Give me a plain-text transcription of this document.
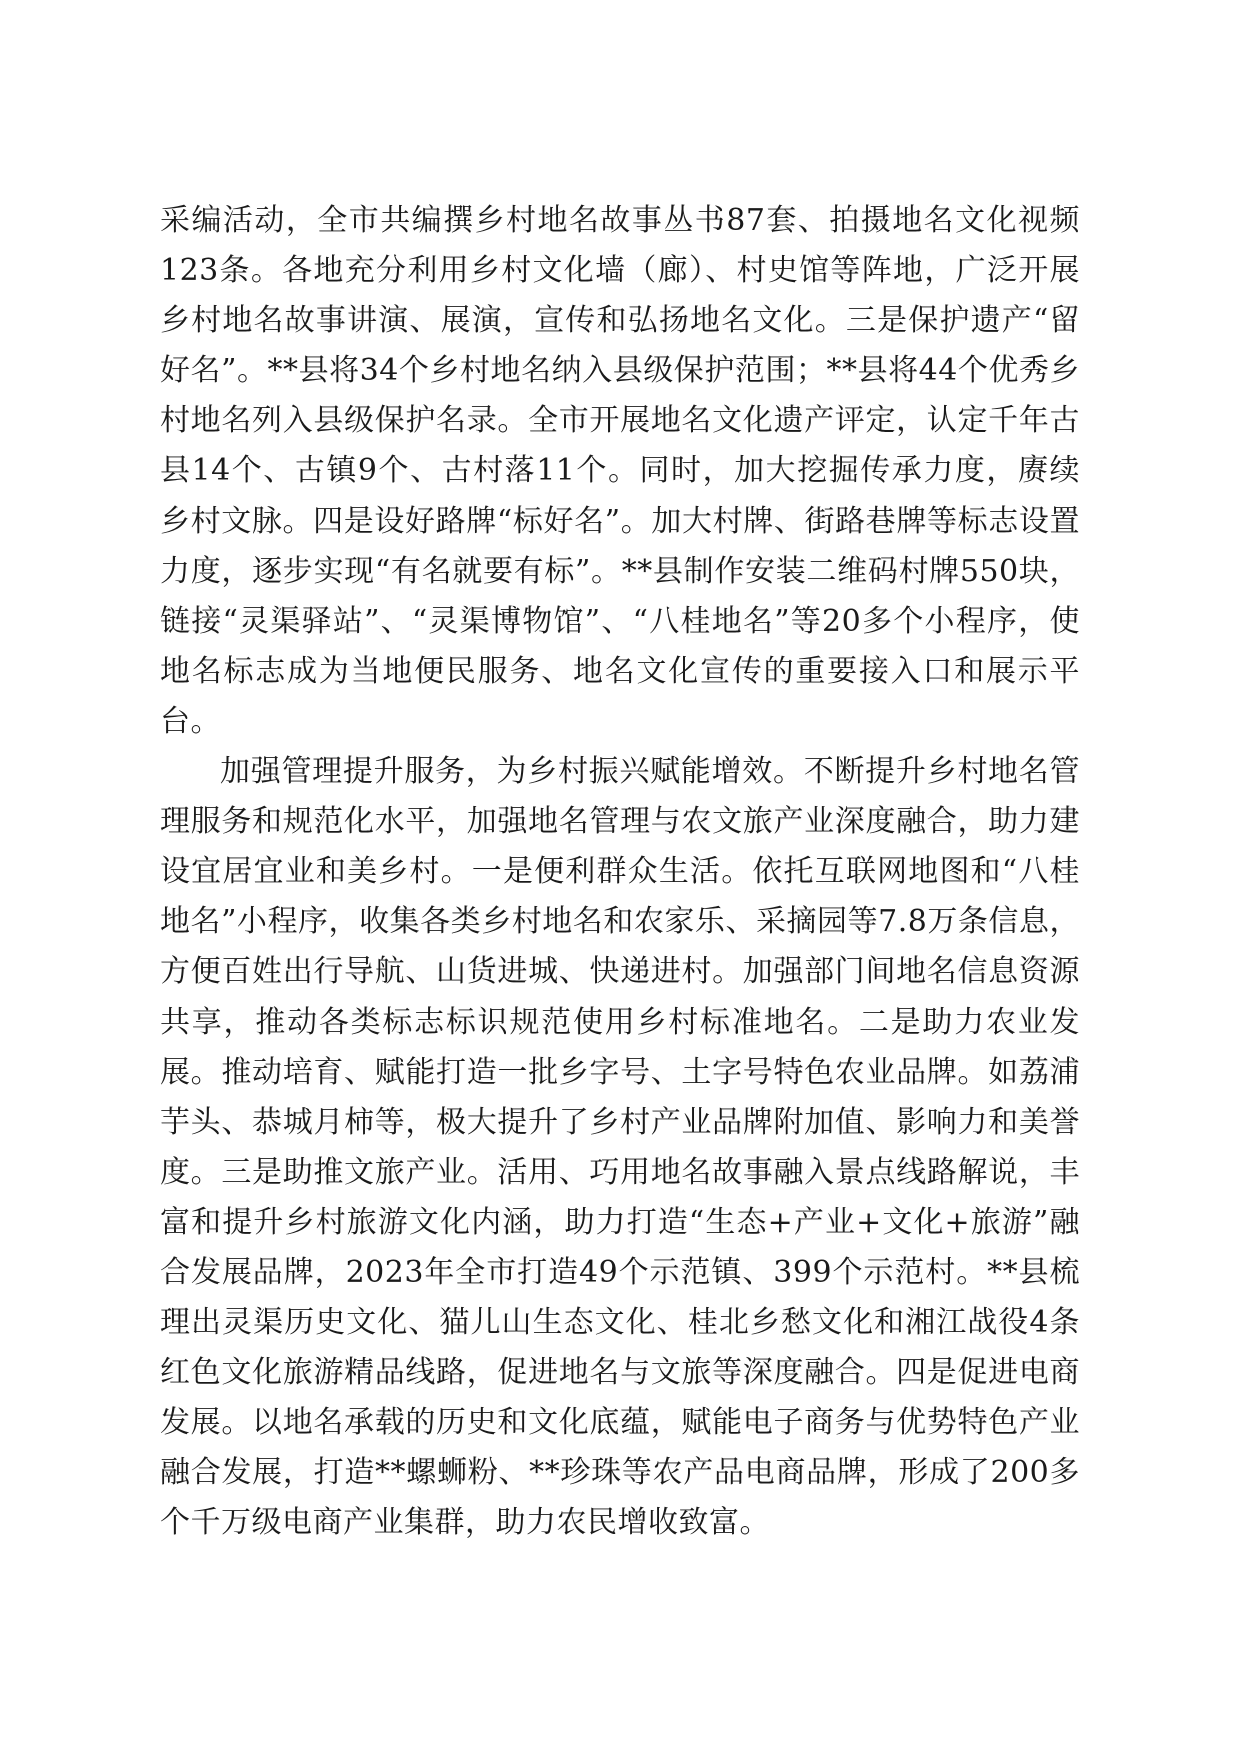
采编活动，全市共编撰乡村地名故事丛书87套、拍摄地名文化视频123条。各地充分利用乡村文化墙（廊）、村史馆等阵地，广泛开展乡村地名故事讲演、展演，宣传和弘扬地名文化。三是保护遗产“留好名”。**县将34个乡村地名纳入县级保护范围；**县将44个优秀乡村地名列入县级保护名录。全市开展地名文化遗产评定，认定千年古县14个、古镇9个、古村落11个。同时，加大挖掘传承力度，赓续乡村文脉。四是设好路牌“标好名”。加大村牌、街路巷牌等标志设置力度，逐步实现“有名就要有标”。**县制作安装二维码村牌550块，链接“灵渠驿站”、“灵渠博物馆”、“八桂地名”等20多个小程序，使地名标志成为当地便民服务、地名文化宣传的重要接入口和展示平台。

加强管理提升服务，为乡村振兴赋能增效。不断提升乡村地名管理服务和规范化水平，加强地名管理与农文旅产业深度融合，助力建设宜居宜业和美乡村。一是便利群众生活。依托互联网地图和“八桂地名”小程序，收集各类乡村地名和农家乐、采摘园等7.8万条信息，方便百姓出行导航、山货进城、快递进村。加强部门间地名信息资源共享，推动各类标志标识规范使用乡村标准地名。二是助力农业发展。推动培育、赋能打造一批乡字号、土字号特色农业品牌。如荔浦芋头、恭城月柿等，极大提升了乡村产业品牌附加值、影响力和美誉度。三是助推文旅产业。活用、巧用地名故事融入景点线路解说，丰富和提升乡村旅游文化内涵，助力打造“生态+产业+文化+旅游”融合发展品牌，2023年全市打造49个示范镇、399个示范村。**县梳理出灵渠历史文化、猫儿山生态文化、桂北乡愁文化和湘江战役4条红色文化旅游精品线路，促进地名与文旅等深度融合。四是促进电商发展。以地名承载的历史和文化底蕴，赋能电子商务与优势特色产业融合发展，打造**螺蛳粉、**珍珠等农产品电商品牌，形成了200多个千万级电商产业集群，助力农民增收致富。
